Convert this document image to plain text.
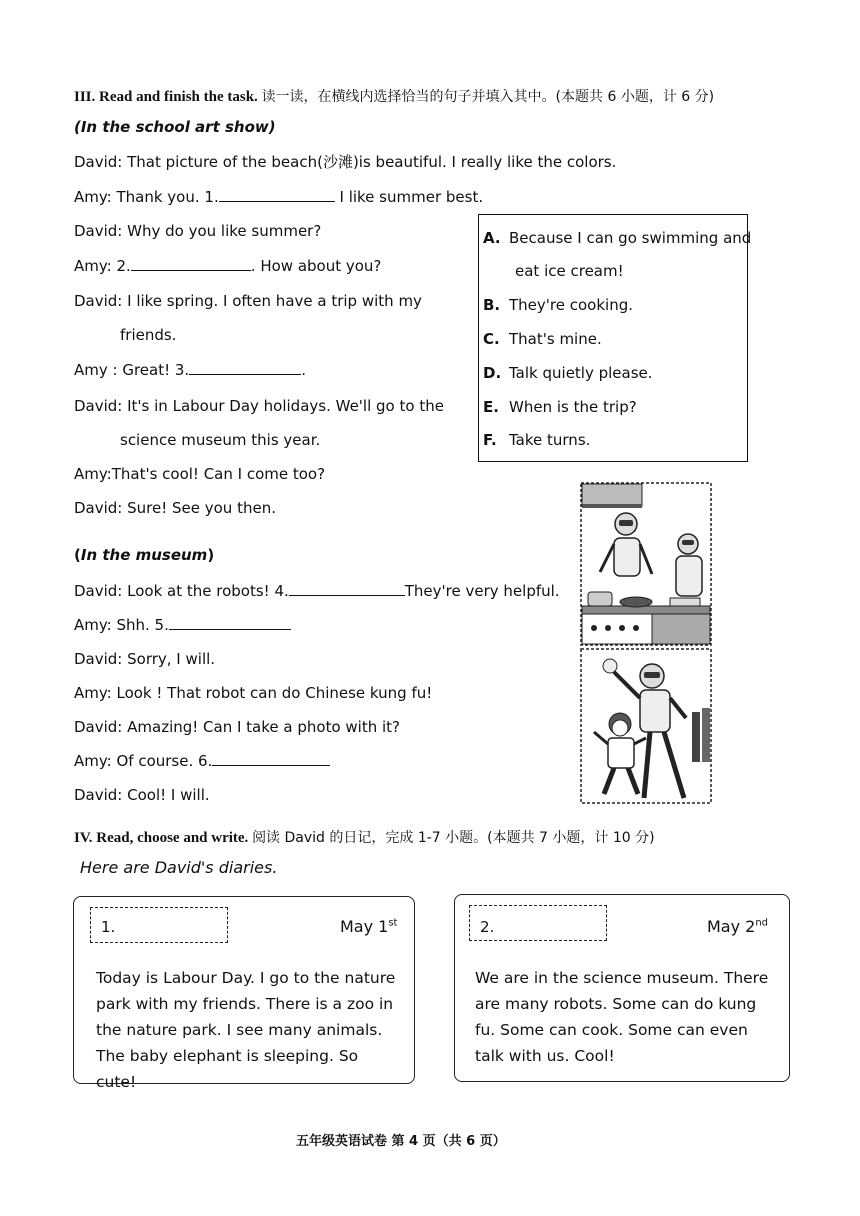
III. Read and finish the task. 读一读，在横线内选择恰当的句子并填入其中。(本题共 6 小题，计 6 分)
(In the school art show)
David: That picture of the beach(沙滩)is beautiful. I really like the colors.
Amy: Thank you. 1.	I like summer best.
David: Why do you like summer?
Amy: 2.	. How about you?
David: I like spring. I often have a trip with my
friends.
Amy : Great! 3.	.
David: It's in Labour Day holidays. We'll go to the
science museum this year.
Amy:That's cool! Can I come too?
David: Sure! See you then.
A. Because I can go swimming and
eat ice cream!
B. They're cooking.
C. That's mine.
D. Talk quietly please.
E. When is the trip?
F. Take turns.
(In the museum)
David: Look at the robots! 4.	They're very helpful.
Amy: Shh. 5.
David: Sorry, I will.
Amy: Look ! That robot can do Chinese kung fu!
David: Amazing! Can I take a photo with it?
Amy: Of course. 6.
David: Cool! I will.
IV. Read, choose and write. 阅读 David 的日记，完成 1-7 小题。(本题共 7 小题，计 10 分)
Here are David's diaries.
1.	May 1st
Today is Labour Day. I go to the nature park with my friends. There is a zoo in the nature park. I see many animals. The baby elephant is sleeping. So cute!
2.	May 2nd
We are in the science museum. There are many robots. Some can do kung fu. Some can cook. Some can even talk with us. Cool!
五年级英语试卷 第 4 页（共 6 页）
